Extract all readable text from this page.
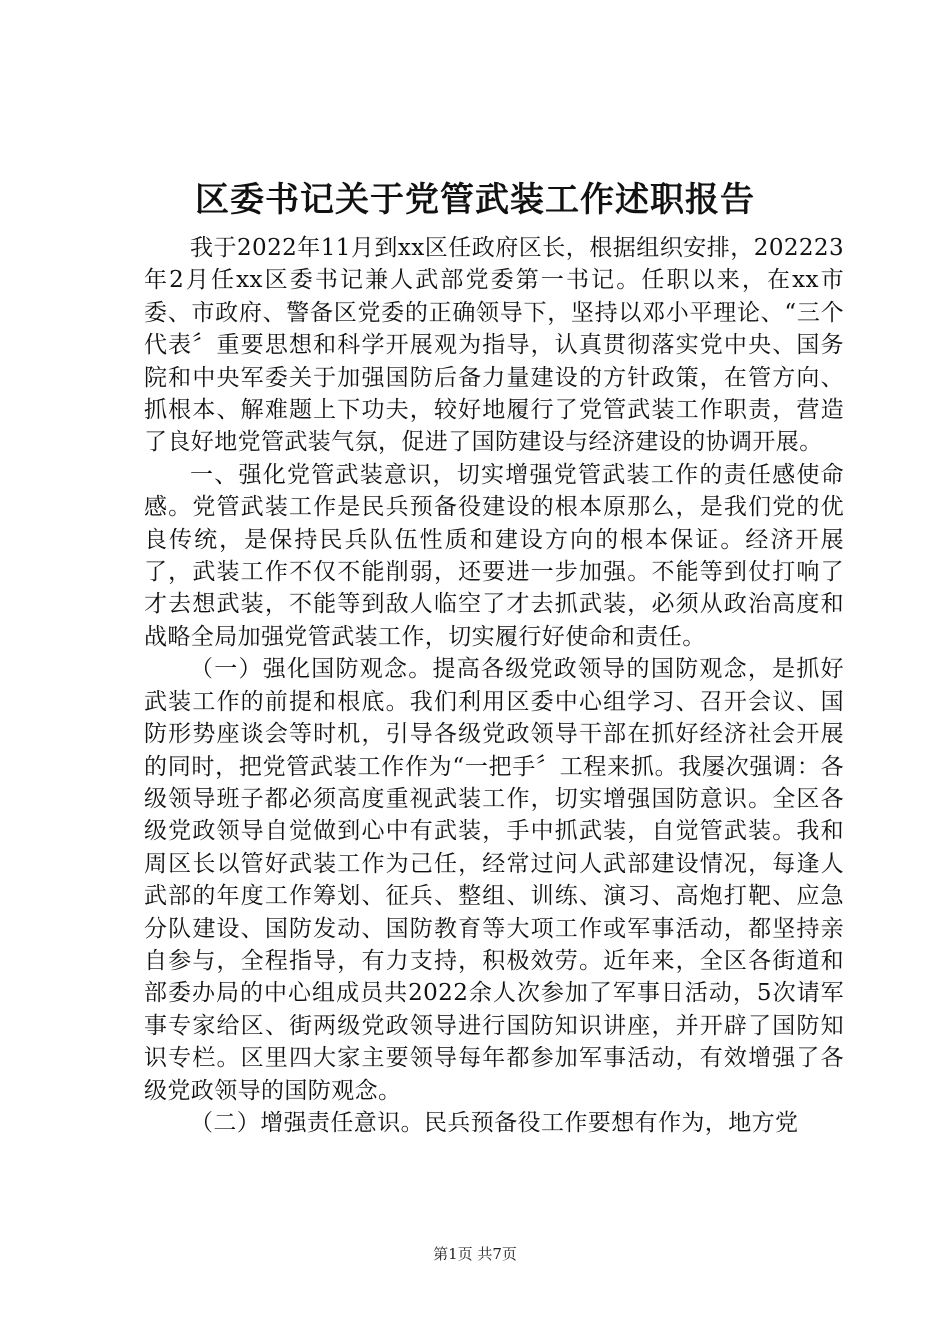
区委书记关于党管武装工作述职报告

我于2022年11月到xx区任政府区长，根据组织安排，202223年2月任xx区委书记兼人武部党委第一书记。任职以来，在xx市委、市政府、警备区党委的正确领导下，坚持以邓小平理论、“三个代表〞重要思想和科学开展观为指导，认真贯彻落实党中央、国务院和中央军委关于加强国防后备力量建设的方针政策，在管方向、抓根本、解难题上下功夫，较好地履行了党管武装工作职责，营造了良好地党管武装气氛，促进了国防建设与经济建设的协调开展。

一、强化党管武装意识，切实增强党管武装工作的责任感使命感。党管武装工作是民兵预备役建设的根本原那么，是我们党的优良传统，是保持民兵队伍性质和建设方向的根本保证。经济开展了，武装工作不仅不能削弱，还要进一步加强。不能等到仗打响了才去想武装，不能等到敌人临空了才去抓武装，必须从政治高度和战略全局加强党管武装工作，切实履行好使命和责任。

（一）强化国防观念。提高各级党政领导的国防观念，是抓好武装工作的前提和根底。我们利用区委中心组学习、召开会议、国防形势座谈会等时机，引导各级党政领导干部在抓好经济社会开展的同时，把党管武装工作作为“一把手〞工程来抓。我屡次强调：各级领导班子都必须高度重视武装工作，切实增强国防意识。全区各级党政领导自觉做到心中有武装，手中抓武装，自觉管武装。我和周区长以管好武装工作为己任，经常过问人武部建设情况，每逢人武部的年度工作筹划、征兵、整组、训练、演习、高炮打靶、应急分队建设、国防发动、国防教育等大项工作或军事活动，都坚持亲自参与，全程指导，有力支持，积极效劳。近年来，全区各街道和部委办局的中心组成员共2022余人次参加了军事日活动，5次请军事专家给区、街两级党政领导进行国防知识讲座，并开辟了国防知识专栏。区里四大家主要领导每年都参加军事活动，有效增强了各级党政领导的国防观念。

（二）增强责任意识。民兵预备役工作要想有作为，地方党

第1页 共7页
